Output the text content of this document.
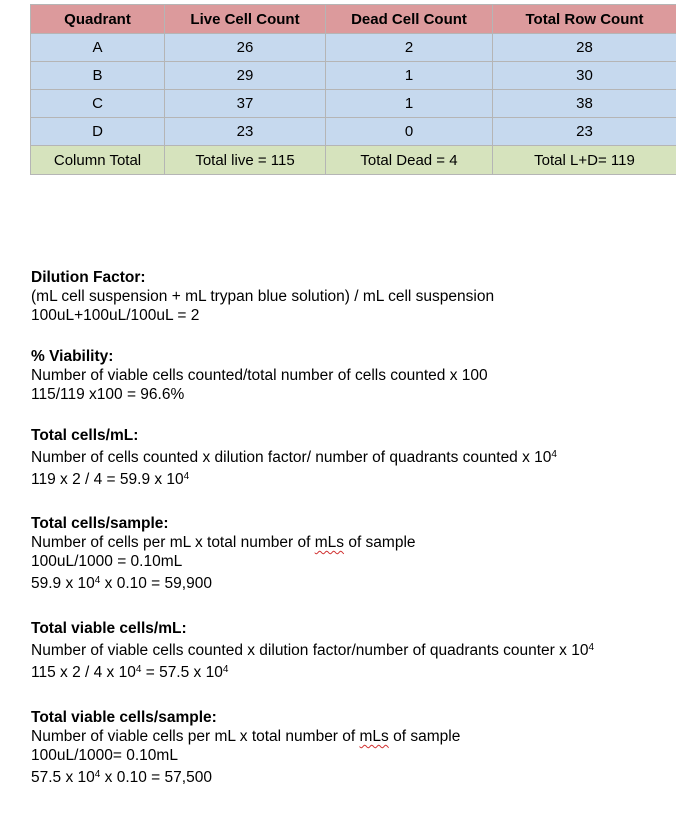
Quadrant	Live Cell Count	Dead Cell Count	Total Row Count
A	26	2	28
B	29	1	30
C	37	1	38
D	23	0	23
Column Total	Total live = 115	Total Dead = 4	Total L+D= 119
Dilution Factor:
(mL cell suspension + mL trypan blue solution) / mL cell suspension
100uL+100uL/100uL = 2
% Viability:
Number of viable cells counted/total number of cells counted x 100
115/119 x100 = 96.6%
Total cells/mL:
Number of cells counted x dilution factor/ number of quadrants counted x $10^4$
119 x 2 / 4 = 59.9 x $10^4$
Total cells/sample:
Number of cells per mL x total number of mLs of sample
100uL/1000 = 0.10mL
59.9 x $10^4$ x 0.10 = 59,900
Total viable cells/mL:
Number of viable cells counted x dilution factor/number of quadrants counter x $10^4$
115 x 2 / 4 x $10^4 = 57.5$ x $10^4$
Total viable cells/sample:
Number of viable cells per mL x total number of mLs of sample
100uL/1000= 0.10mL
57.5 x $10^4$ x 0.10 = 57,500
